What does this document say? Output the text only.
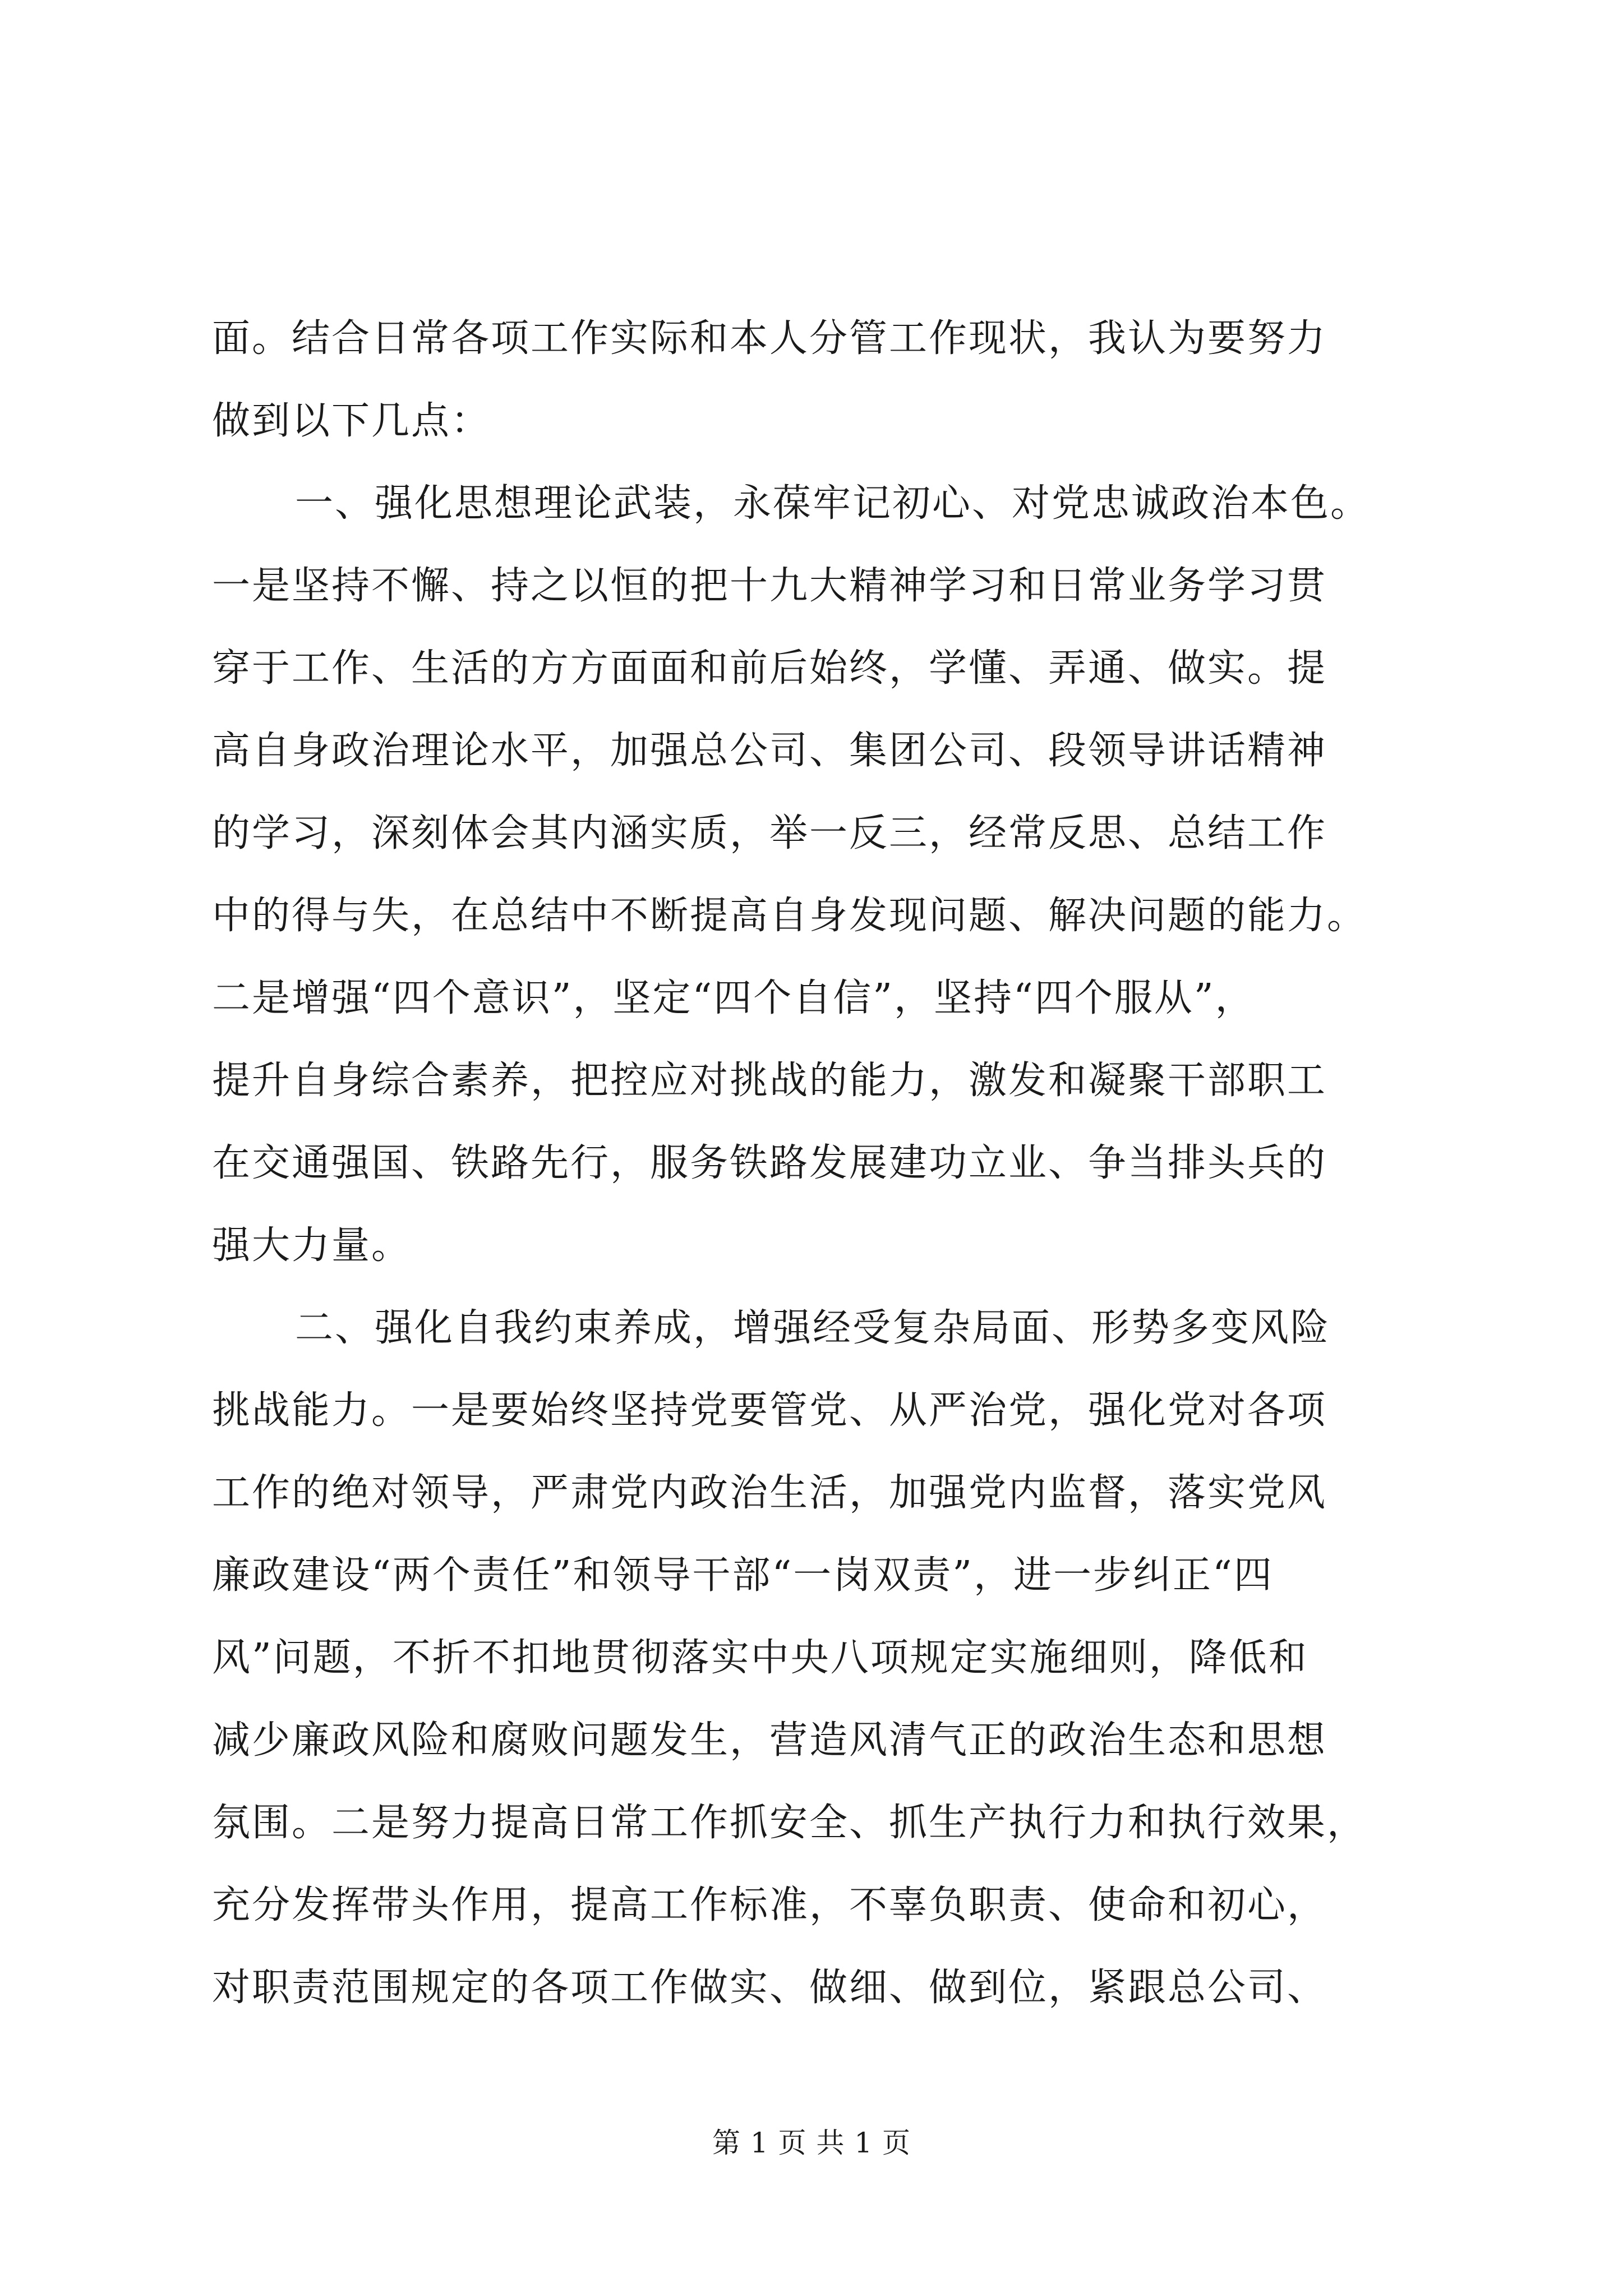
面。结合日常各项工作实际和本人分管工作现状，我认为要努力
做到以下几点：
一、强化思想理论武装，永葆牢记初心、对党忠诚政治本色。
一是坚持不懈、持之以恒的把十九大精神学习和日常业务学习贯
穿于工作、生活的方方面面和前后始终，学懂、弄通、做实。提
高自身政治理论水平，加强总公司、集团公司、段领导讲话精神
的学习，深刻体会其内涵实质，举一反三，经常反思、总结工作
中的得与失，在总结中不断提高自身发现问题、解决问题的能力。
二是增强“四个意识”，坚定“四个自信”，坚持“四个服从”，
提升自身综合素养，把控应对挑战的能力，激发和凝聚干部职工
在交通强国、铁路先行，服务铁路发展建功立业、争当排头兵的
强大力量。
二、强化自我约束养成，增强经受复杂局面、形势多变风险
挑战能力。一是要始终坚持党要管党、从严治党，强化党对各项
工作的绝对领导，严肃党内政治生活，加强党内监督，落实党风
廉政建设“两个责任”和领导干部“一岗双责”，进一步纠正“四
风”问题，不折不扣地贯彻落实中央八项规定实施细则，降低和
减少廉政风险和腐败问题发生，营造风清气正的政治生态和思想
氛围。二是努力提高日常工作抓安全、抓生产执行力和执行效果，
充分发挥带头作用，提高工作标准，不辜负职责、使命和初心，
对职责范围规定的各项工作做实、做细、做到位，紧跟总公司、
第 1 页 共 1 页
